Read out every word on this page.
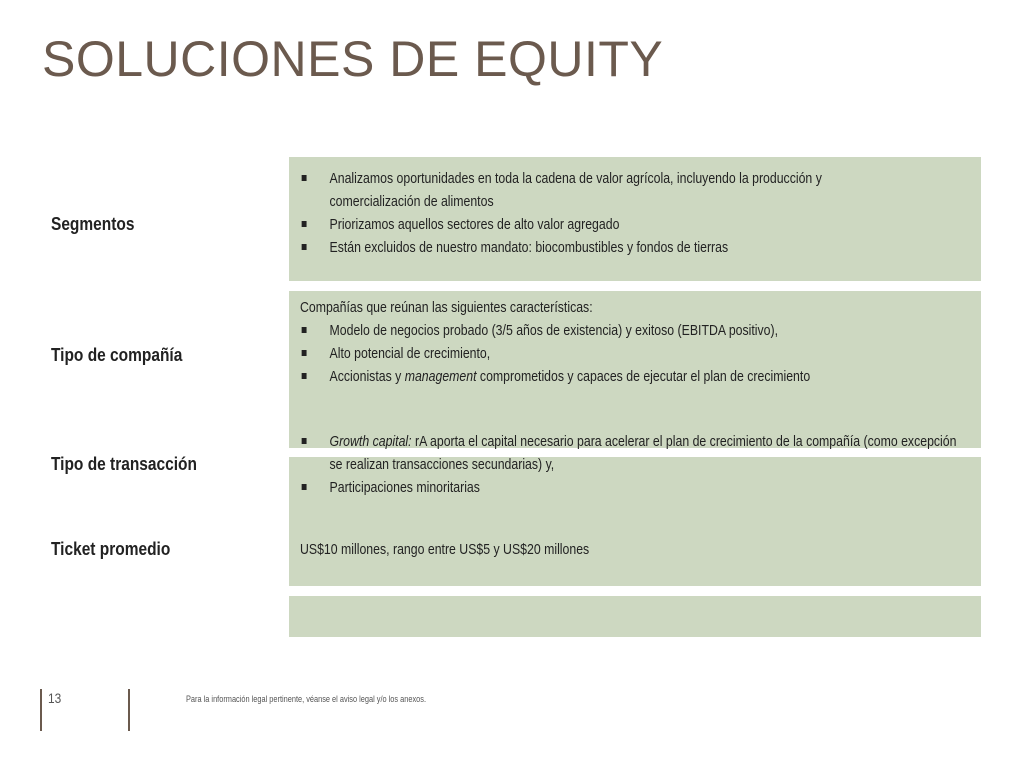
SOLUCIONES DE EQUITY
Segmentos
Tipo de compañía
Tipo de transacción
Ticket promedio
Analizamos oportunidades en toda la cadena de valor agrícola, incluyendo la producción y comercialización de alimentos
Priorizamos aquellos sectores de alto valor agregado
Están excluidos de nuestro mandato: biocombustibles y fondos de tierras
Compañías que reúnan las siguientes características:
Modelo de negocios probado (3/5 años de existencia) y exitoso (EBITDA positivo),
Alto potencial de crecimiento,
Accionistas y management comprometidos y capaces de ejecutar el plan de crecimiento
Growth capital: rA aporta el capital necesario para acelerar el plan de crecimiento de la compañía (como excepción se realizan transacciones secundarias) y,
Participaciones minoritarias
US$10 millones, rango entre US$5 y US$20 millones
13	Para la información legal pertinente, véanse el aviso legal y/o los anexos.
